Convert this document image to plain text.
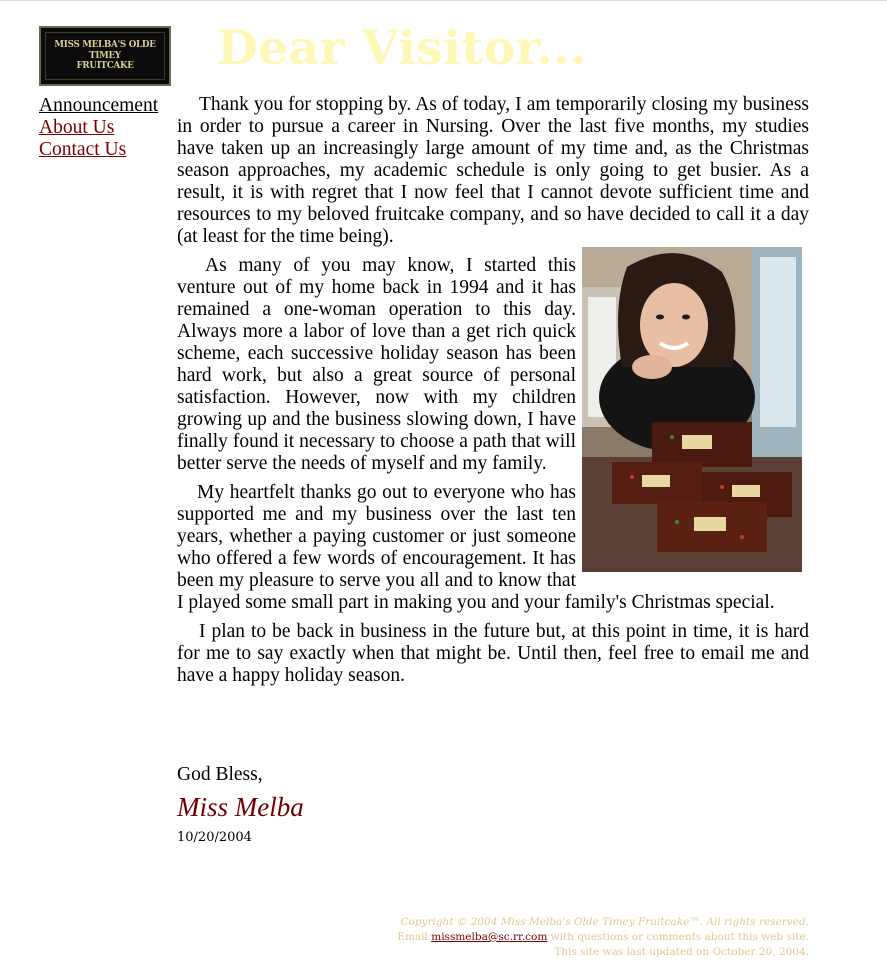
MISS MELBA'S OLDE TIMEY
FRUITCAKE Dear Visitor...
Announcement
About Us
Contact Us

Thank you for stopping by. As of today, I am temporarily closing my business in order to pursue a career in Nursing. Over the last five months, my studies have taken up an increasingly large amount of my time and, as the Christmas season approaches, my academic schedule is only going to get busier. As a result, it is with regret that I now feel that I cannot devote sufficient time and resources to my beloved fruitcake company, and so have decided to call it a day (at least for the time being).

As many of you may know, I started this venture out of my home back in 1994 and it has remained a one-woman operation to this day. Always more a labor of love than a get rich quick scheme, each successive holiday season has been hard work, but also a great source of personal satisfaction. However, now with my children growing up and the business slowing down, I have finally found it necessary to choose a path that will better serve the needs of myself and my family.

My heartfelt thanks go out to everyone who has supported me and my business over the last ten years, whether a paying customer or just someone who offered a few words of encouragement. It has been my pleasure to serve you all and to know that I played some small part in making you and your family's Christmas special.

I plan to be back in business in the future but, at this point in time, it is hard for me to say exactly when that might be. Until then, feel free to email me and have a happy holiday season.

God Bless,
Miss Melba
10/20/2004
Copyright © 2004 Miss Melba's Olde Timey Fruitcake™. All rights reserved.
Email missmelba@sc.rr.com with questions or comments about this web site.
This site was last updated on October 20, 2004.
